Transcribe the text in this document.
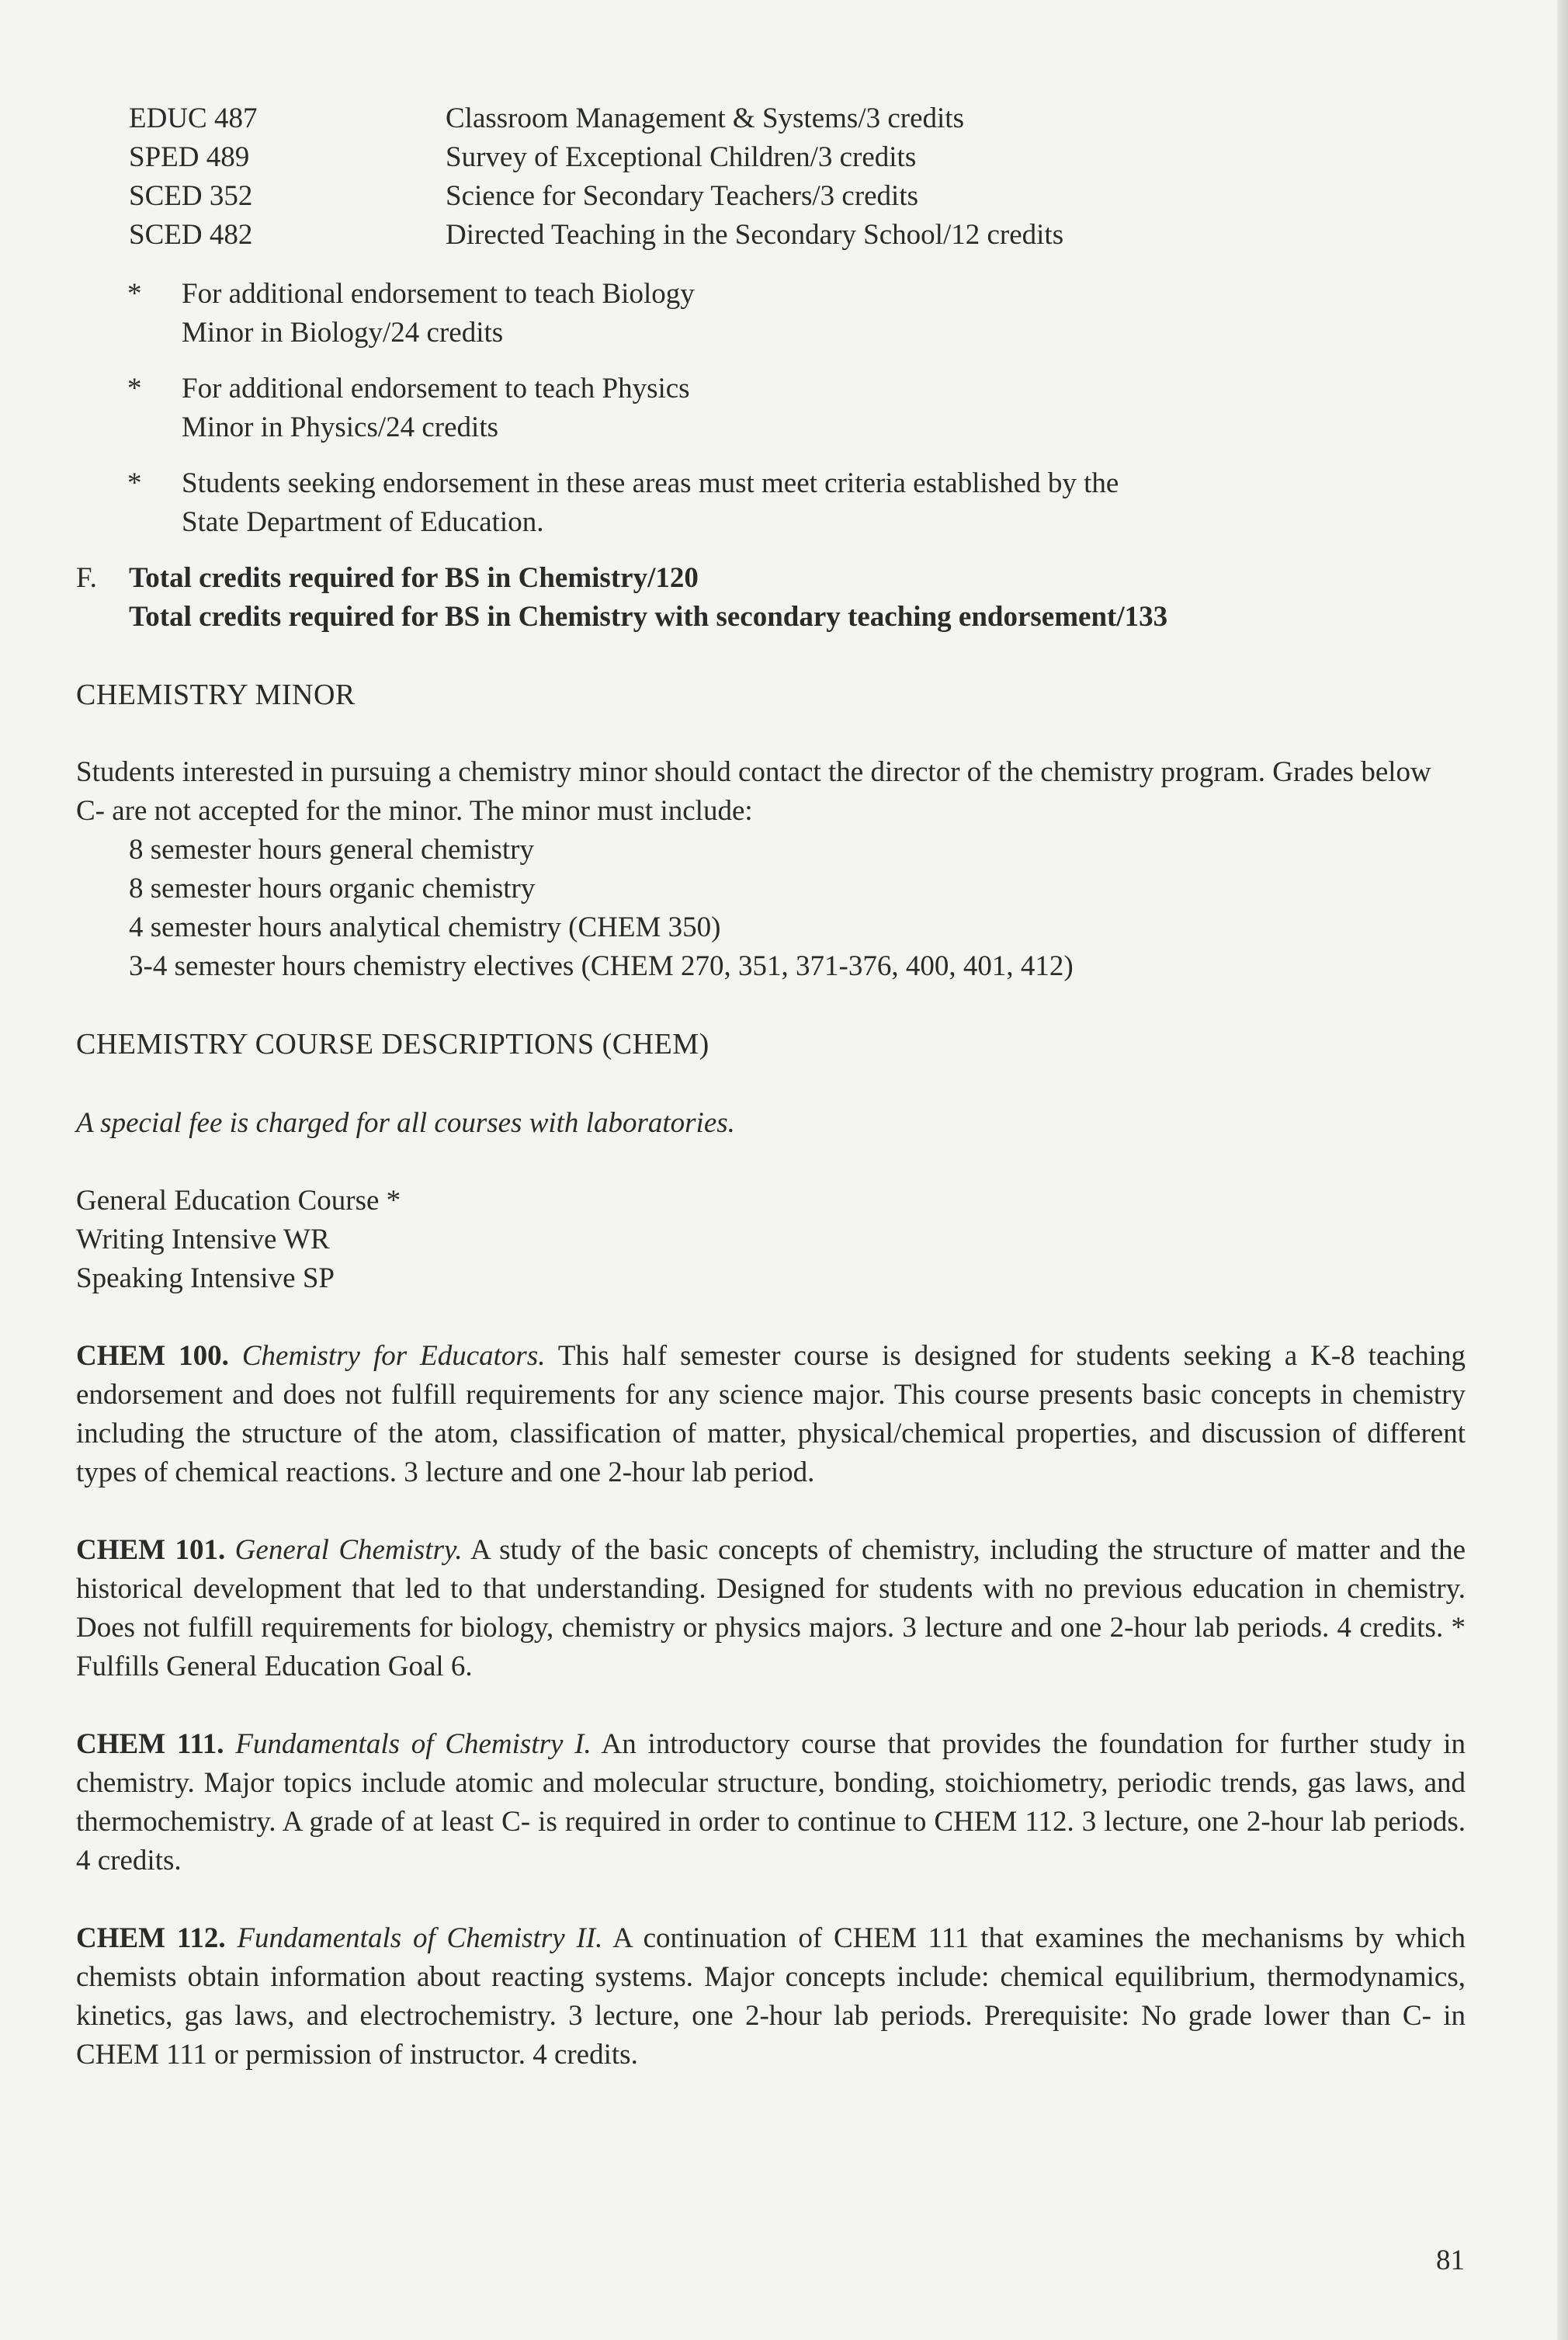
EDUC 487	Classroom Management & Systems/3 credits
SPED 489	Survey of Exceptional Children/3 credits
SCED 352	Science for Secondary Teachers/3 credits
SCED 482	Directed Teaching in the Secondary School/12 credits
*	For additional endorsement to teach Biology
Minor in Biology/24 credits
*	For additional endorsement to teach Physics
Minor in Physics/24 credits
*	Students seeking endorsement in these areas must meet criteria established by the
State Department of Education.
F.	Total credits required for BS in Chemistry/120
Total credits required for BS in Chemistry with secondary teaching endorsement/133
CHEMISTRY MINOR

Students interested in pursuing a chemistry minor should contact the director of the chemistry program. Grades below C- are not accepted for the minor. The minor must include:

8 semester hours general chemistry
8 semester hours organic chemistry
4 semester hours analytical chemistry (CHEM 350)
3-4 semester hours chemistry electives (CHEM 270, 351, 371-376, 400, 401, 412)
CHEMISTRY COURSE DESCRIPTIONS (CHEM)

A special fee is charged for all courses with laboratories.

General Education Course *
Writing Intensive WR
Speaking Intensive SP

CHEM 100. Chemistry for Educators. This half semester course is designed for students seeking a K-8 teaching endorsement and does not fulfill requirements for any science major. This course presents basic concepts in chemistry including the structure of the atom, classification of matter, physical/chemical properties, and discussion of different types of chemical reactions. 3 lecture and one 2-hour lab period.

CHEM 101. General Chemistry. A study of the basic concepts of chemistry, including the structure of matter and the historical development that led to that understanding. Designed for students with no previous education in chemistry. Does not fulfill requirements for biology, chemistry or physics majors. 3 lecture and one 2-hour lab periods. 4 credits. * Fulfills General Education Goal 6.

CHEM 111. Fundamentals of Chemistry I. An introductory course that provides the foundation for further study in chemistry. Major topics include atomic and molecular structure, bonding, stoichiometry, periodic trends, gas laws, and thermochemistry. A grade of at least C- is required in order to continue to CHEM 112. 3 lecture, one 2-hour lab periods. 4 credits.

CHEM 112. Fundamentals of Chemistry II. A continuation of CHEM 111 that examines the mechanisms by which chemists obtain information about reacting systems. Major concepts include: chemical equilibrium, thermodynamics, kinetics, gas laws, and electrochemistry. 3 lecture, one 2-hour lab periods. Prerequisite: No grade lower than C- in CHEM 111 or permission of instructor. 4 credits.

81
